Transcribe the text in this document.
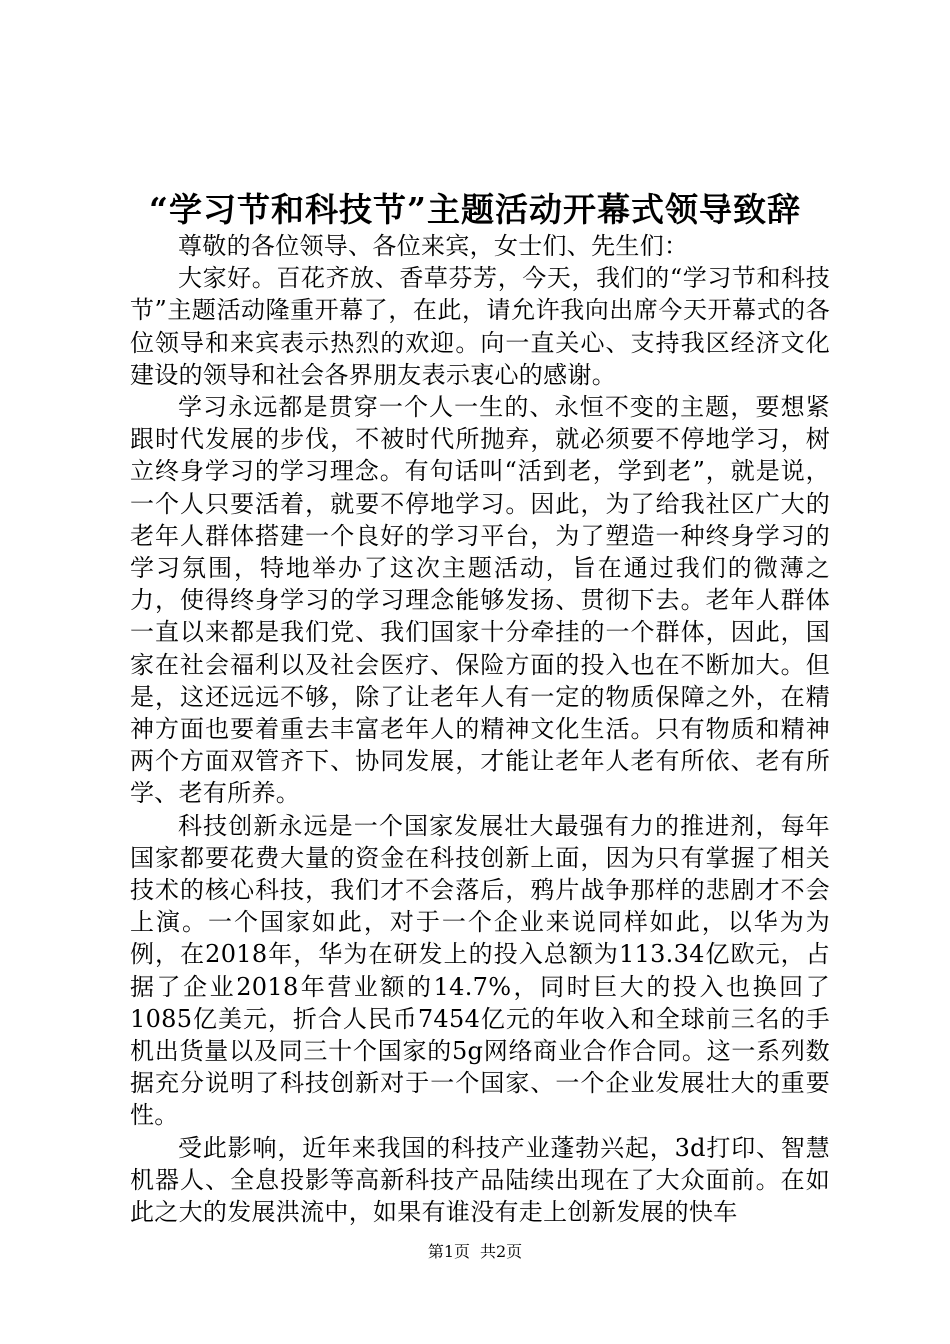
“学习节和科技节”主题活动开幕式领导致辞

尊敬的各位领导、各位来宾，女士们、先生们：

大家好。百花齐放、香草芬芳，今天，我们的“学习节和科技节”主题活动隆重开幕了，在此，请允许我向出席今天开幕式的各位领导和来宾表示热烈的欢迎。向一直关心、支持我区经济文化建设的领导和社会各界朋友表示衷心的感谢。

学习永远都是贯穿一个人一生的、永恒不变的主题，要想紧跟时代发展的步伐，不被时代所抛弃，就必须要不停地学习，树立终身学习的学习理念。有句话叫“活到老，学到老”，就是说，一个人只要活着，就要不停地学习。因此，为了给我社区广大的老年人群体搭建一个良好的学习平台，为了塑造一种终身学习的学习氛围，特地举办了这次主题活动，旨在通过我们的微薄之力，使得终身学习的学习理念能够发扬、贯彻下去。老年人群体一直以来都是我们党、我们国家十分牵挂的一个群体，因此，国家在社会福利以及社会医疗、保险方面的投入也在不断加大。但是，这还远远不够，除了让老年人有一定的物质保障之外，在精神方面也要着重去丰富老年人的精神文化生活。只有物质和精神两个方面双管齐下、协同发展，才能让老年人老有所依、老有所学、老有所养。

科技创新永远是一个国家发展壮大最强有力的推进剂，每年国家都要花费大量的资金在科技创新上面，因为只有掌握了相关技术的核心科技，我们才不会落后，鸦片战争那样的悲剧才不会上演。一个国家如此，对于一个企业来说同样如此，以华为为例，在2018年，华为在研发上的投入总额为113.34亿欧元，占据了企业2018年营业额的14.7%，同时巨大的投入也换回了1085亿美元，折合人民币7454亿元的年收入和全球前三名的手机出货量以及同三十个国家的5g网络商业合作合同。这一系列数据充分说明了科技创新对于一个国家、一个企业发展壮大的重要性。

受此影响，近年来我国的科技产业蓬勃兴起，3d打印、智慧机器人、全息投影等高新科技产品陆续出现在了大众面前。在如此之大的发展洪流中，如果有谁没有走上创新发展的快车

第1页 共2页
